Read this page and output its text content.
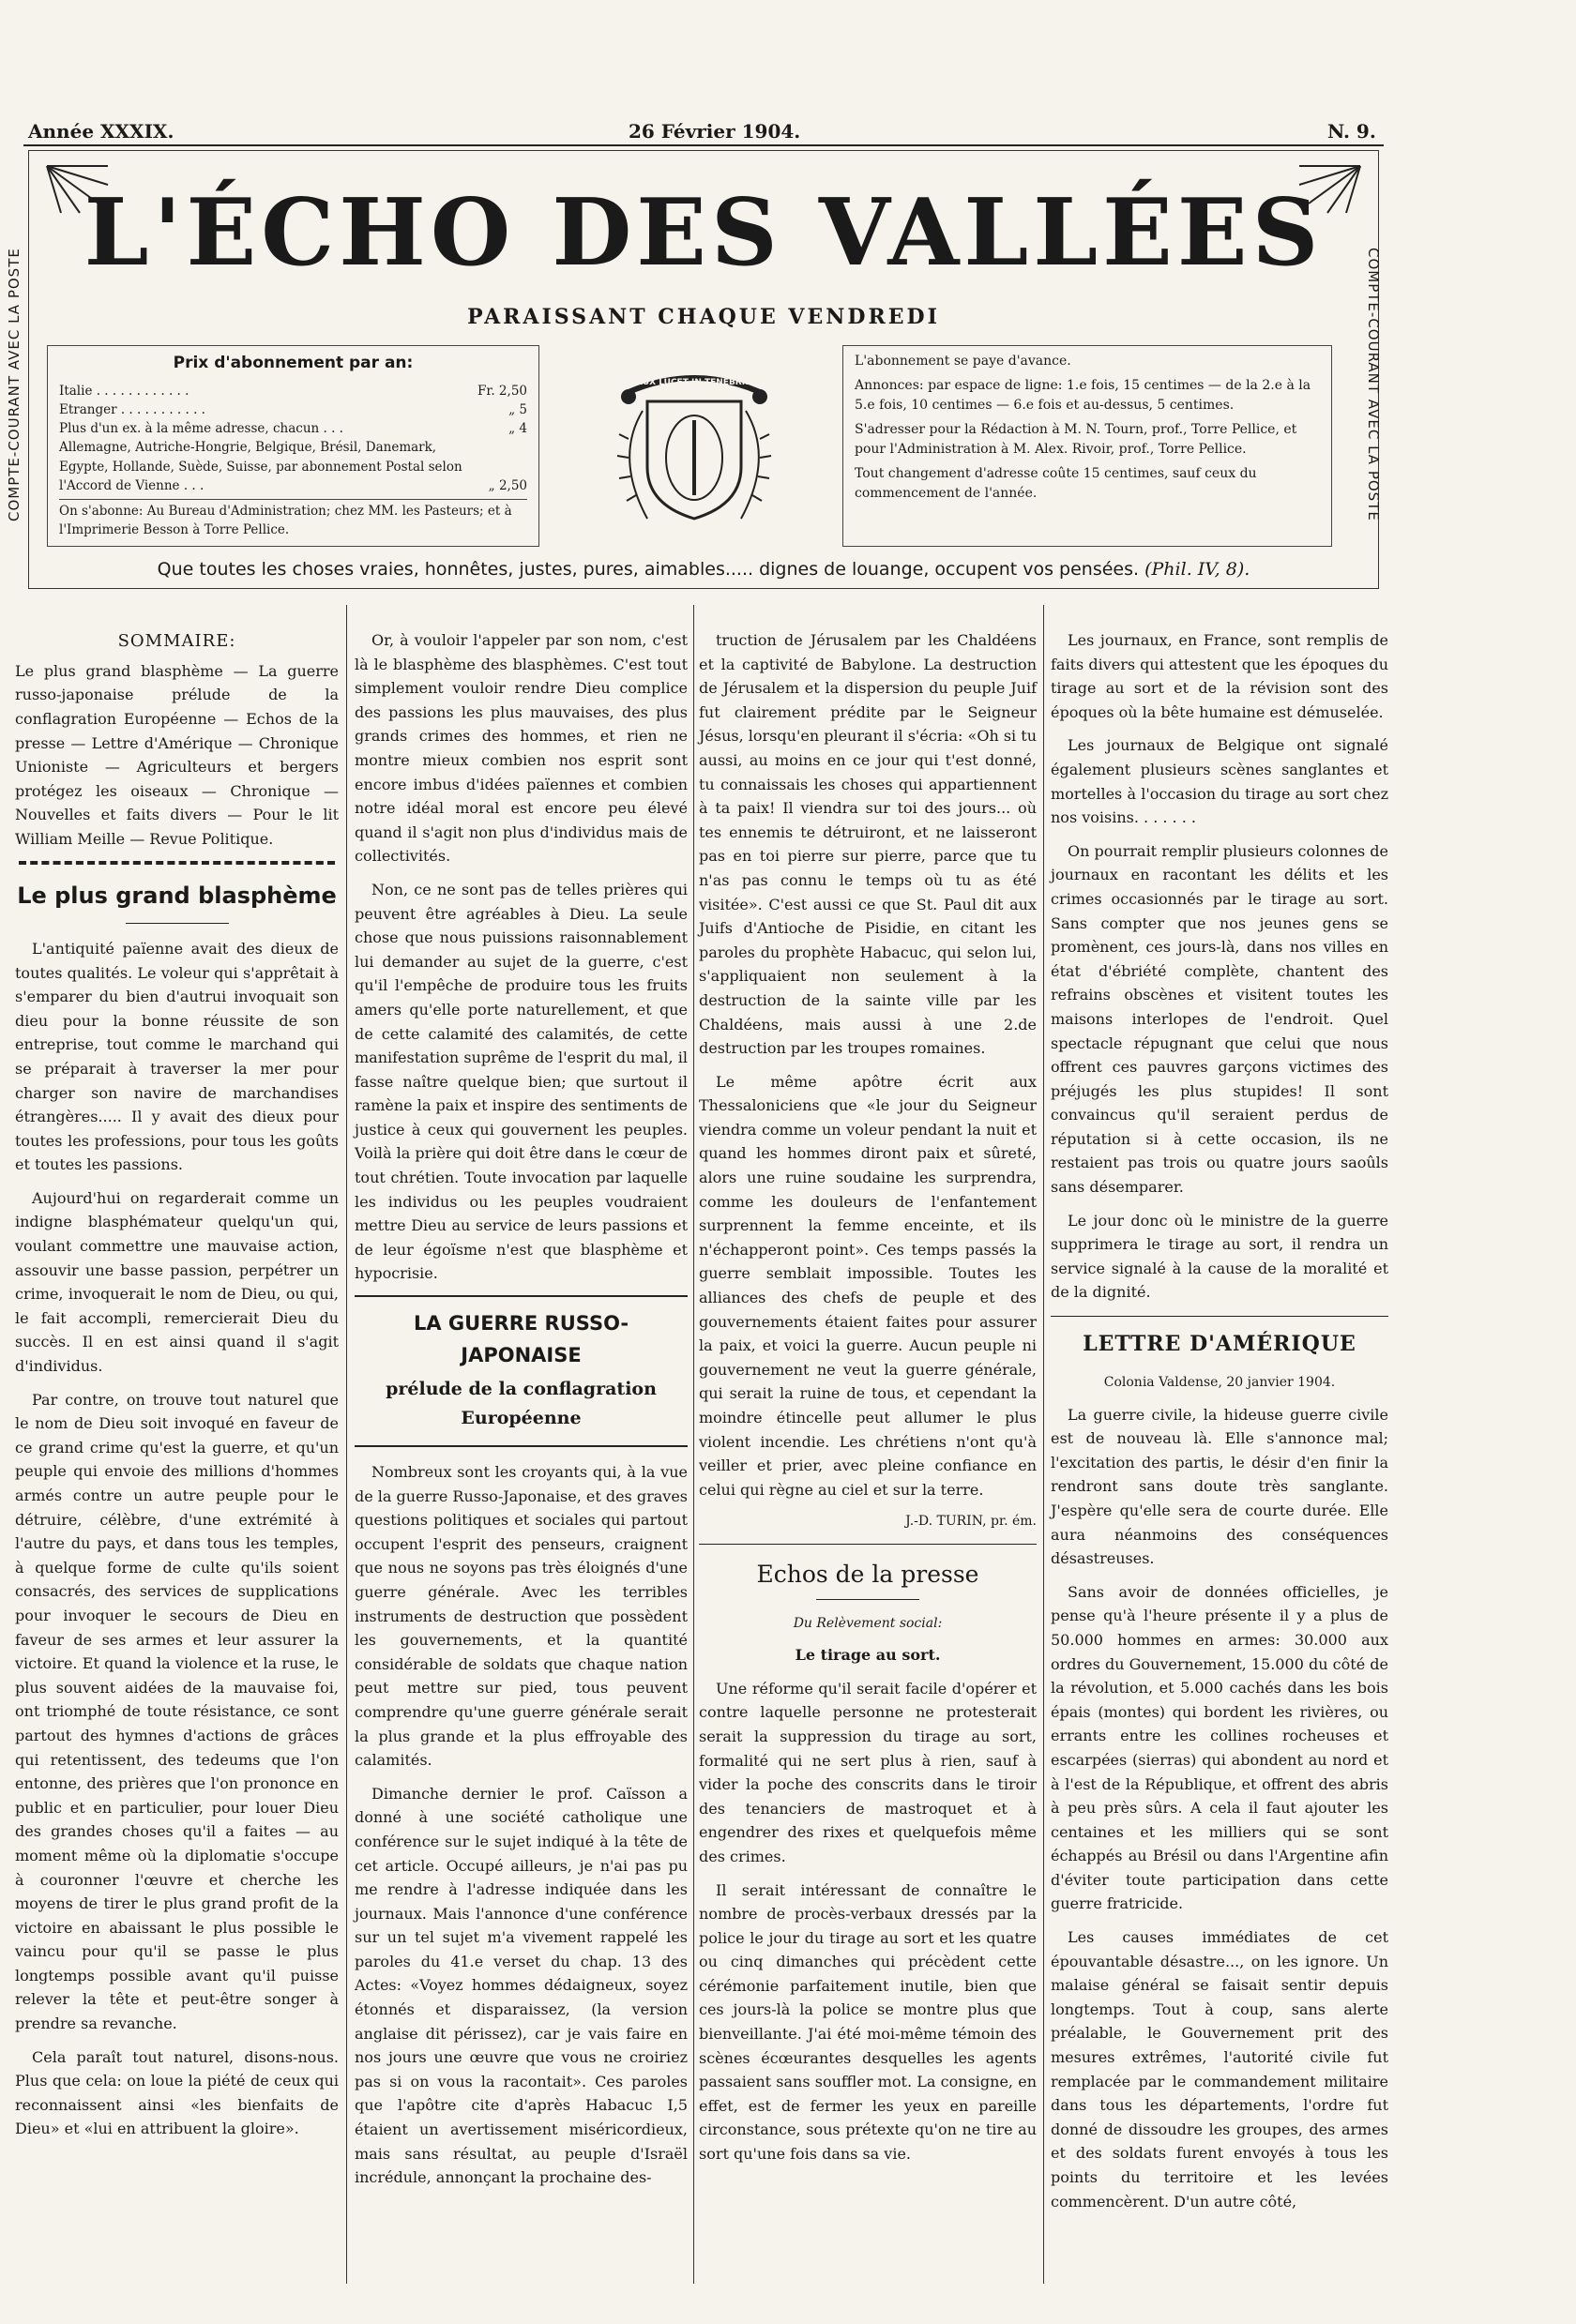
Année XXXIX.	26 Février 1904.	N. 9.
COMPTE-COURANT AVEC LA POSTE	COMPTE-COURANT AVEC LA POSTE
L'ÉCHO DES VALLÉES
PARAISSANT CHAQUE VENDREDI
Prix d'abonnement par an:
Italie . . . . . . . . . . . .	Fr. 2,50
Etranger . . . . . . . . . . .	„ 5
Plus d'un ex. à la même adresse, chacun . . .	„ 4
Allemagne, Autriche-Hongrie, Belgique, Brésil, Danemark, Egypte, Hollande, Suède, Suisse, par abonnement Postal selon l'Accord de Vienne . . .	„ 2,50
On s'abonne: Au Bureau d'Administration; chez MM. les Pasteurs; et à l'Imprimerie Besson à Torre Pellice.
LUX LUCET IN TENEBRIS
L'abonnement se paye d'avance.
Annonces: par espace de ligne: 1.e fois, 15 centimes — de la 2.e à la 5.e fois, 10 centimes — 6.e fois et au-dessus, 5 centimes.
S'adresser pour la Rédaction à M. N. Tourn, prof., Torre Pellice, et pour l'Administration à M. Alex. Rivoir, prof., Torre Pellice.
Tout changement d'adresse coûte 15 centimes, sauf ceux du commencement de l'année.
Que toutes les choses vraies, honnêtes, justes, pures, aimables..... dignes de louange, occupent vos pensées. (Phil. IV, 8).
SOMMAIRE:

Le plus grand blasphème — La guerre russo-japonaise prélude de la conflagration Européenne — Echos de la presse — Lettre d'Amérique — Chronique Unioniste — Agriculteurs et bergers protégez les oiseaux — Chronique — Nouvelles et faits divers — Pour le lit William Meille — Revue Politique.

Le plus grand blasphème

L'antiquité païenne avait des dieux de toutes qualités. Le voleur qui s'apprêtait à s'emparer du bien d'autrui invoquait son dieu pour la bonne réussite de son entreprise, tout comme le marchand qui se préparait à traverser la mer pour charger son navire de marchandises étrangères..... Il y avait des dieux pour toutes les professions, pour tous les goûts et toutes les passions.

Aujourd'hui on regarderait comme un indigne blasphémateur quelqu'un qui, voulant commettre une mauvaise action, assouvir une basse passion, perpétrer un crime, invoquerait le nom de Dieu, ou qui, le fait accompli, remercierait Dieu du succès. Il en est ainsi quand il s'agit d'individus.

Par contre, on trouve tout naturel que le nom de Dieu soit invoqué en faveur de ce grand crime qu'est la guerre, et qu'un peuple qui envoie des millions d'hommes armés contre un autre peuple pour le détruire, célèbre, d'une extrémité à l'autre du pays, et dans tous les temples, à quelque forme de culte qu'ils soient consacrés, des services de supplications pour invoquer le secours de Dieu en faveur de ses armes et leur assurer la victoire. Et quand la violence et la ruse, le plus souvent aidées de la mauvaise foi, ont triomphé de toute résistance, ce sont partout des hymnes d'actions de grâces qui retentissent, des tedeums que l'on entonne, des prières que l'on prononce en public et en particulier, pour louer Dieu des grandes choses qu'il a faites — au moment même où la diplomatie s'occupe à couronner l'œuvre et cherche les moyens de tirer le plus grand profit de la victoire en abaissant le plus possible le vaincu pour qu'il se passe le plus longtemps possible avant qu'il puisse relever la tête et peut-être songer à prendre sa revanche.

Cela paraît tout naturel, disons-nous. Plus que cela: on loue la piété de ceux qui reconnaissent ainsi «les bienfaits de Dieu» et «lui en attribuent la gloire».

Or, à vouloir l'appeler par son nom, c'est là le blasphème des blasphèmes. C'est tout simplement vouloir rendre Dieu complice des passions les plus mauvaises, des plus grands crimes des hommes, et rien ne montre mieux combien nos esprit sont encore imbus d'idées païennes et combien notre idéal moral est encore peu élevé quand il s'agit non plus d'individus mais de collectivités.

Non, ce ne sont pas de telles prières qui peuvent être agréables à Dieu. La seule chose que nous puissions raisonnablement lui demander au sujet de la guerre, c'est qu'il l'empêche de produire tous les fruits amers qu'elle porte naturellement, et que de cette calamité des calamités, de cette manifestation suprême de l'esprit du mal, il fasse naître quelque bien; que surtout il ramène la paix et inspire des sentiments de justice à ceux qui gouvernent les peuples. Voilà la prière qui doit être dans le cœur de tout chrétien. Toute invocation par laquelle les individus ou les peuples voudraient mettre Dieu au service de leurs passions et de leur égoïsme n'est que blasphème et hypocrisie.

LA GUERRE RUSSO-JAPONAISE
prélude de la conflagration Européenne

Nombreux sont les croyants qui, à la vue de la guerre Russo-Japonaise, et des graves questions politiques et sociales qui partout occupent l'esprit des penseurs, craignent que nous ne soyons pas très éloignés d'une guerre générale. Avec les terribles instruments de destruction que possèdent les gouvernements, et la quantité considérable de soldats que chaque nation peut mettre sur pied, tous peuvent comprendre qu'une guerre générale serait la plus grande et la plus effroyable des calamités.

Dimanche dernier le prof. Caïsson a donné à une société catholique une conférence sur le sujet indiqué à la tête de cet article. Occupé ailleurs, je n'ai pas pu me rendre à l'adresse indiquée dans les journaux. Mais l'annonce d'une conférence sur un tel sujet m'a vivement rappelé les paroles du 41.e verset du chap. 13 des Actes: «Voyez hommes dédaigneux, soyez étonnés et disparaissez, (la version anglaise dit périssez), car je vais faire en nos jours une œuvre que vous ne croiriez pas si on vous la racontait». Ces paroles que l'apôtre cite d'après Habacuc I,5 étaient un avertissement miséricordieux, mais sans résultat, au peuple d'Israël incrédule, annonçant la prochaine des-

truction de Jérusalem par les Chaldéens et la captivité de Babylone. La destruction de Jérusalem et la dispersion du peuple Juif fut clairement prédite par le Seigneur Jésus, lorsqu'en pleurant il s'écria: «Oh si tu aussi, au moins en ce jour qui t'est donné, tu connaissais les choses qui appartiennent à ta paix! Il viendra sur toi des jours... où tes ennemis te détruiront, et ne laisseront pas en toi pierre sur pierre, parce que tu n'as pas connu le temps où tu as été visitée». C'est aussi ce que St. Paul dit aux Juifs d'Antioche de Pisidie, en citant les paroles du prophète Habacuc, qui selon lui, s'appliquaient non seulement à la destruction de la sainte ville par les Chaldéens, mais aussi à une 2.de destruction par les troupes romaines.

Le même apôtre écrit aux Thessaloniciens que «le jour du Seigneur viendra comme un voleur pendant la nuit et quand les hommes diront paix et sûreté, alors une ruine soudaine les surprendra, comme les douleurs de l'enfantement surprennent la femme enceinte, et ils n'échapperont point». Ces temps passés la guerre semblait impossible. Toutes les alliances des chefs de peuple et des gouvernements étaient faites pour assurer la paix, et voici la guerre. Aucun peuple ni gouvernement ne veut la guerre générale, qui serait la ruine de tous, et cependant la moindre étincelle peut allumer le plus violent incendie. Les chrétiens n'ont qu'à veiller et prier, avec pleine confiance en celui qui règne au ciel et sur la terre.

J.-D. TURIN, pr. ém.

Echos de la presse

Du Relèvement social:

Le tirage au sort.

Une réforme qu'il serait facile d'opérer et contre laquelle personne ne protesterait serait la suppression du tirage au sort, formalité qui ne sert plus à rien, sauf à vider la poche des conscrits dans le tiroir des tenanciers de mastroquet et à engendrer des rixes et quelquefois même des crimes.

Il serait intéressant de connaître le nombre de procès-verbaux dressés par la police le jour du tirage au sort et les quatre ou cinq dimanches qui précèdent cette cérémonie parfaitement inutile, bien que ces jours-là la police se montre plus que bienveillante. J'ai été moi-même témoin des scènes écœurantes desquelles les agents passaient sans souffler mot. La consigne, en effet, est de fermer les yeux en pareille circonstance, sous prétexte qu'on ne tire au sort qu'une fois dans sa vie.

Les journaux, en France, sont remplis de faits divers qui attestent que les époques du tirage au sort et de la révision sont des époques où la bête humaine est démuselée.

Les journaux de Belgique ont signalé également plusieurs scènes sanglantes et mortelles à l'occasion du tirage au sort chez nos voisins. . . . . . .

On pourrait remplir plusieurs colonnes de journaux en racontant les délits et les crimes occasionnés par le tirage au sort. Sans compter que nos jeunes gens se promènent, ces jours-là, dans nos villes en état d'ébriété complète, chantent des refrains obscènes et visitent toutes les maisons interlopes de l'endroit. Quel spectacle répugnant que celui que nous offrent ces pauvres garçons victimes des préjugés les plus stupides! Il sont convaincus qu'il seraient perdus de réputation si à cette occasion, ils ne restaient pas trois ou quatre jours saoûls sans désemparer.

Le jour donc où le ministre de la guerre supprimera le tirage au sort, il rendra un service signalé à la cause de la moralité et de la dignité.

LETTRE D'AMÉRIQUE

Colonia Valdense, 20 janvier 1904.

La guerre civile, la hideuse guerre civile est de nouveau là. Elle s'annonce mal; l'excitation des partis, le désir d'en finir la rendront sans doute très sanglante. J'espère qu'elle sera de courte durée. Elle aura néanmoins des conséquences désastreuses.

Sans avoir de données officielles, je pense qu'à l'heure présente il y a plus de 50.000 hommes en armes: 30.000 aux ordres du Gouvernement, 15.000 du côté de la révolution, et 5.000 cachés dans les bois épais (montes) qui bordent les rivières, ou errants entre les collines rocheuses et escarpées (sierras) qui abondent au nord et à l'est de la République, et offrent des abris à peu près sûrs. A cela il faut ajouter les centaines et les milliers qui se sont échappés au Brésil ou dans l'Argentine afin d'éviter toute participation dans cette guerre fratricide.

Les causes immédiates de cet épouvantable désastre..., on les ignore. Un malaise général se faisait sentir depuis longtemps. Tout à coup, sans alerte préalable, le Gouvernement prit des mesures extrêmes, l'autorité civile fut remplacée par le commandement militaire dans tous les départements, l'ordre fut donné de dissoudre les groupes, des armes et des soldats furent envoyés à tous les points du territoire et les levées commencèrent. D'un autre côté,
